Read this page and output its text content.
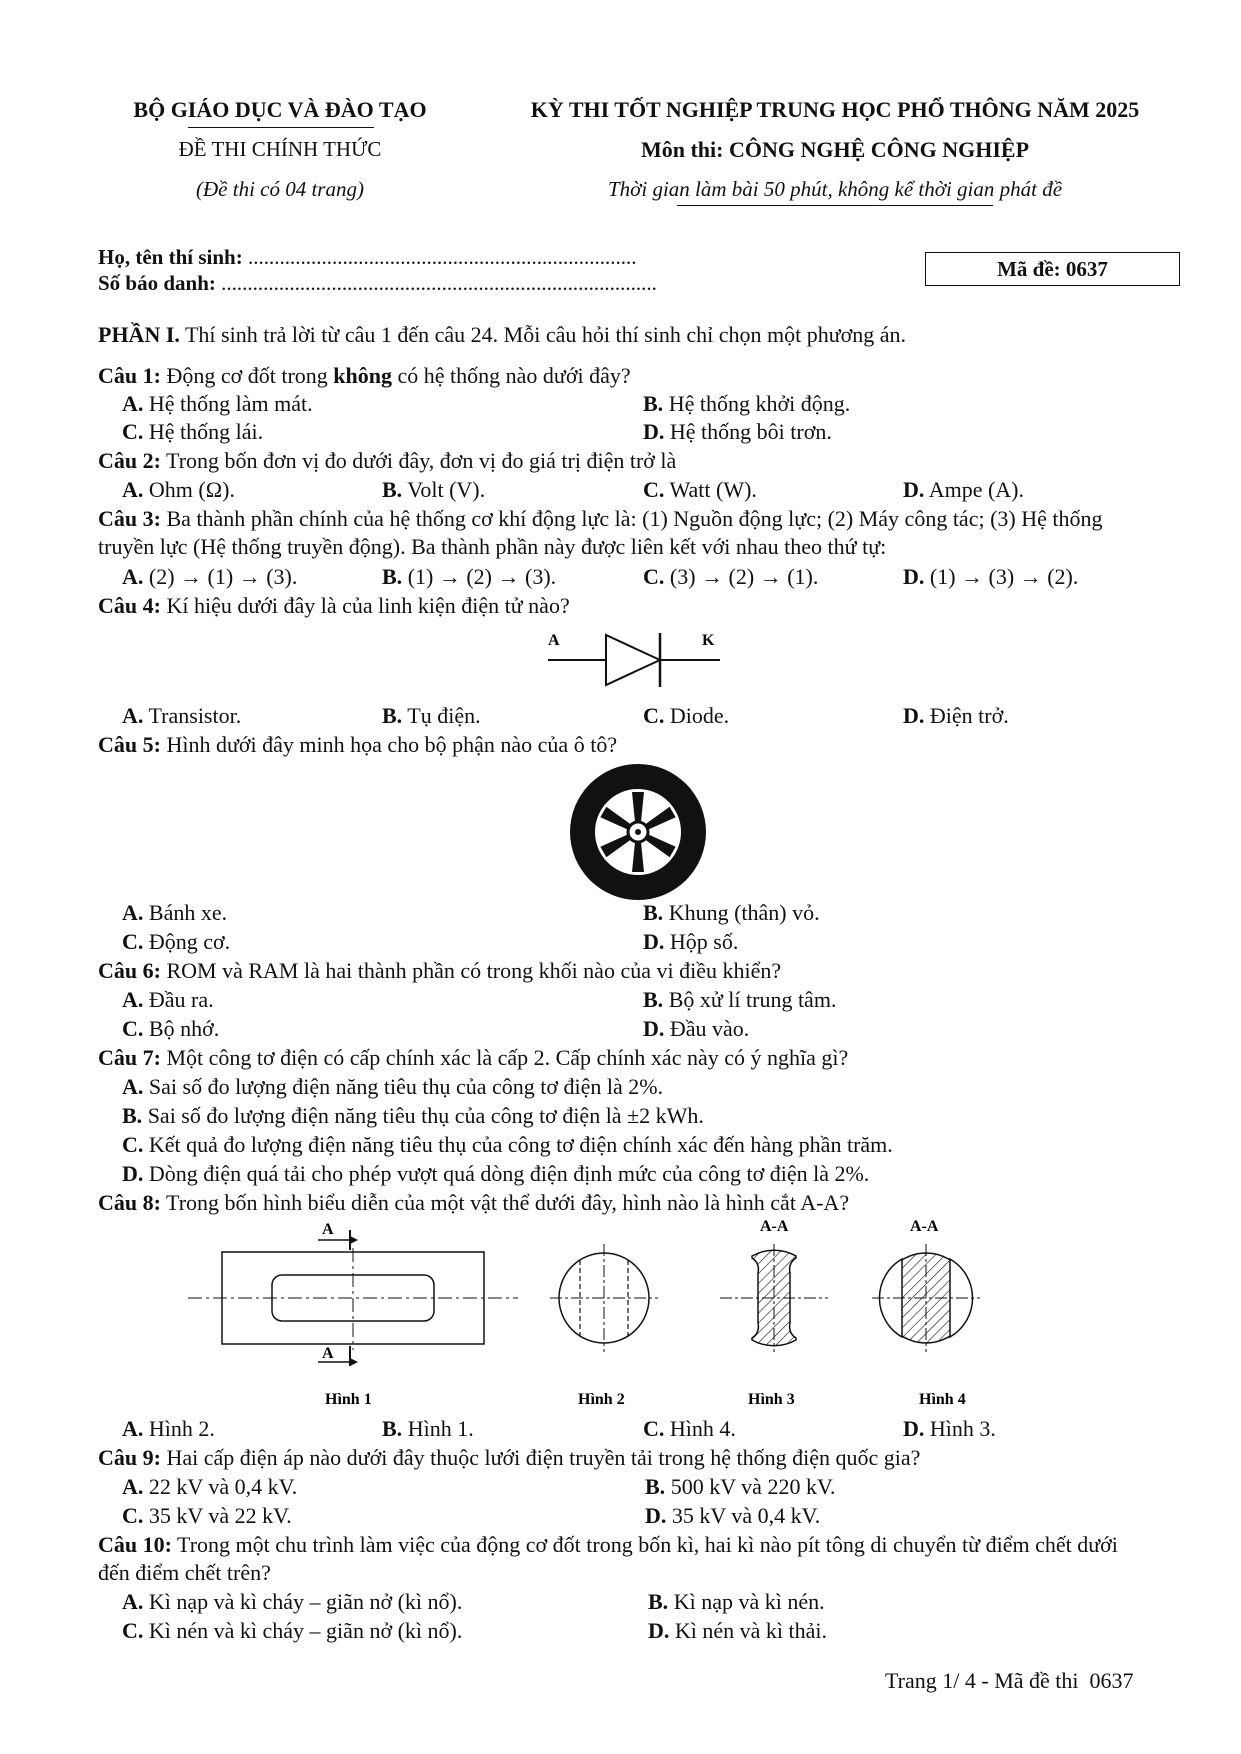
BỘ GIÁO DỤC VÀ ĐÀO TẠO
ĐỀ THI CHÍNH THỨC
(Đề thi có 04 trang)
KỲ THI TỐT NGHIỆP TRUNG HỌC PHỔ THÔNG NĂM 2025
Môn thi: CÔNG NGHỆ CÔNG NGHIỆP
Thời gian làm bài 50 phút, không kể thời gian phát đề
Họ, tên thí sinh: ..........................................................................
Số báo danh: ...................................................................................
Mã đề: 0637
PHẦN I. Thí sinh trả lời từ câu 1 đến câu 24. Mỗi câu hỏi thí sinh chỉ chọn một phương án.
Câu 1: Động cơ đốt trong không có hệ thống nào dưới đây?
A. Hệ thống làm mát.	B. Hệ thống khởi động.
C. Hệ thống lái.	D. Hệ thống bôi trơn.
Câu 2: Trong bốn đơn vị đo dưới đây, đơn vị đo giá trị điện trở là
A. Ohm (Ω).	B. Volt (V).	C. Watt (W).	D. Ampe (A).
Câu 3: Ba thành phần chính của hệ thống cơ khí động lực là: (1) Nguồn động lực; (2) Máy công tác; (3) Hệ thống
truyền lực (Hệ thống truyền động). Ba thành phần này được liên kết với nhau theo thứ tự:
A. (2) → (1) → (3).	B. (1) → (2) → (3).	C. (3) → (2) → (1).	D. (1) → (3) → (2).
Câu 4: Kí hiệu dưới đây là của linh kiện điện tử nào?
A	K
A. Transistor.	B. Tụ điện.	C. Diode.	D. Điện trở.
Câu 5: Hình dưới đây minh họa cho bộ phận nào của ô tô?
A. Bánh xe.	B. Khung (thân) vỏ.
C. Động cơ.	D. Hộp số.
Câu 6: ROM và RAM là hai thành phần có trong khối nào của vi điều khiển?
A. Đầu ra.	B. Bộ xử lí trung tâm.
C. Bộ nhớ.	D. Đầu vào.
Câu 7: Một công tơ điện có cấp chính xác là cấp 2. Cấp chính xác này có ý nghĩa gì?
A. Sai số đo lượng điện năng tiêu thụ của công tơ điện là 2%.
B. Sai số đo lượng điện năng tiêu thụ của công tơ điện là ±2 kWh.
C. Kết quả đo lượng điện năng tiêu thụ của công tơ điện chính xác đến hàng phần trăm.
D. Dòng điện quá tải cho phép vượt quá dòng điện định mức của công tơ điện là 2%.
Câu 8: Trong bốn hình biểu diễn của một vật thể dưới đây, hình nào là hình cắt A-A?
A
A
A-A	A-A
Hình 1	Hình 2	Hình 3	Hình 4
A. Hình 2.	B. Hình 1.	C. Hình 4.	D. Hình 3.
Câu 9: Hai cấp điện áp nào dưới đây thuộc lưới điện truyền tải trong hệ thống điện quốc gia?
A. 22 kV và 0,4 kV.	B. 500 kV và 220 kV.
C. 35 kV và 22 kV.	D. 35 kV và 0,4 kV.
Câu 10: Trong một chu trình làm việc của động cơ đốt trong bốn kì, hai kì nào pít tông di chuyển từ điểm chết dưới
đến điểm chết trên?
A. Kì nạp và kì cháy – giãn nở (kì nổ).	B. Kì nạp và kì nén.
C. Kì nén và kì cháy – giãn nở (kì nổ).	D. Kì nén và kì thải.
Trang 1/ 4 - Mã đề thi  0637
